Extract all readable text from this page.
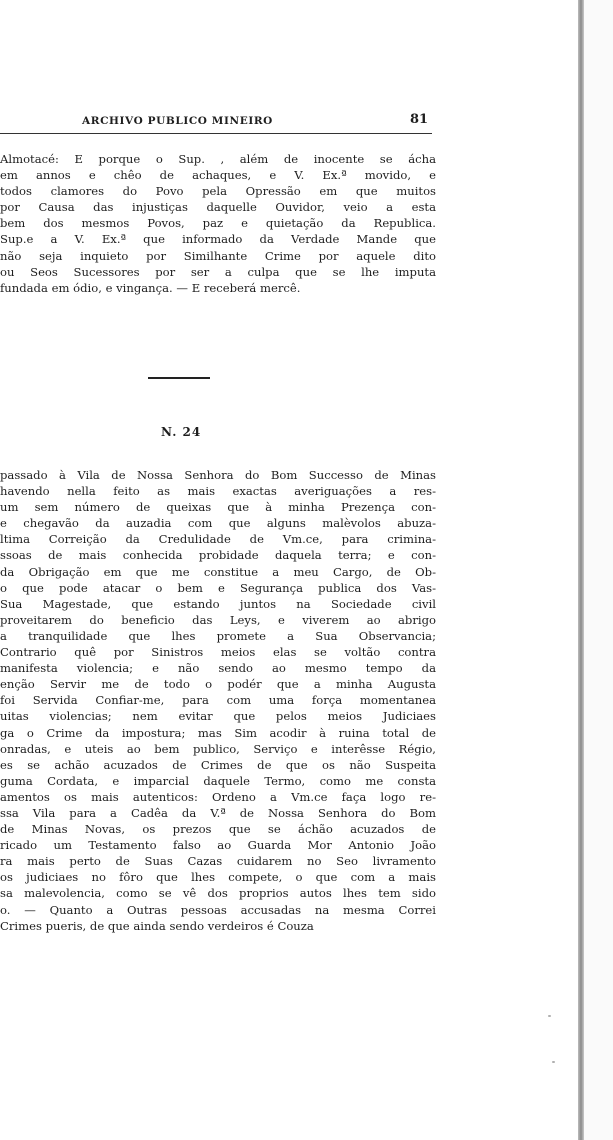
ARCHIVO PUBLICO MINEIRO	81
Almotacé: E porque o Sup. , além de inocente se ácha
em annos e chêo de achaques, e V. Ex.ª movido, e
todos clamores do Povo pela Opressão em que muitos
por Causa das injustiças daquelle Ouvidor, veio a esta
bem dos mesmos Povos, paz e quietação da Republica.
Sup.e a V. Ex.ª que informado da Verdade Mande que
não seja inquieto por Similhante Crime por aquele dito
ou Seos Sucessores por ser a culpa que se lhe imputa
fundada em ódio, e vingança. — E receberá mercê.
N. 24
passado à Vila de Nossa Senhora do Bom Successo de Minas
havendo nella feito as mais exactas averiguações a res-
um sem número de queixas que à minha Prezença con-
e chegavão da auzadia com que alguns malèvolos abuza-
ltima Correição da Credulidade de Vm.ce, para crimina-
ssoas de mais conhecida probidade daquela terra; e con-
da Obrigação em que me constitue a meu Cargo, de Ob-
o que pode atacar o bem e Segurança publica dos Vas-
Sua Magestade, que estando juntos na Sociedade civil
proveitarem do beneficio das Leys, e viverem ao abrigo
a tranquilidade que lhes promete a Sua Observancia;
Contrario quê por Sinistros meios elas se voltão contra
manifesta violencia; e não sendo ao mesmo tempo da
enção Servir me de todo o podér que a minha Augusta
foi Servida Confiar-me, para com uma força momentanea
uitas violencias; nem evitar que pelos meios Judiciaes
ga o Crime da impostura; mas Sim acodir à ruina total de
onradas, e uteis ao bem publico, Serviço e interêsse Régio,
es se achão acuzados de Crimes de que os não Suspeita
guma Cordata, e imparcial daquele Termo, como me consta
amentos os mais autenticos: Ordeno a Vm.ce faça logo re-
ssa Vila para a Cadêa da V.ª de Nossa Senhora do Bom
de Minas Novas, os prezos que se áchão acuzados de
ricado um Testamento falso ao Guarda Mor Antonio João
ra mais perto de Suas Cazas cuidarem no Seo livramento
os judiciaes no fôro que lhes compete, o que com a mais
sa malevolencia, como se vê dos proprios autos lhes tem sido
o. — Quanto a Outras pessoas accusadas na mesma Correi
Crimes pueris, de que ainda sendo verdeiros é Couza
